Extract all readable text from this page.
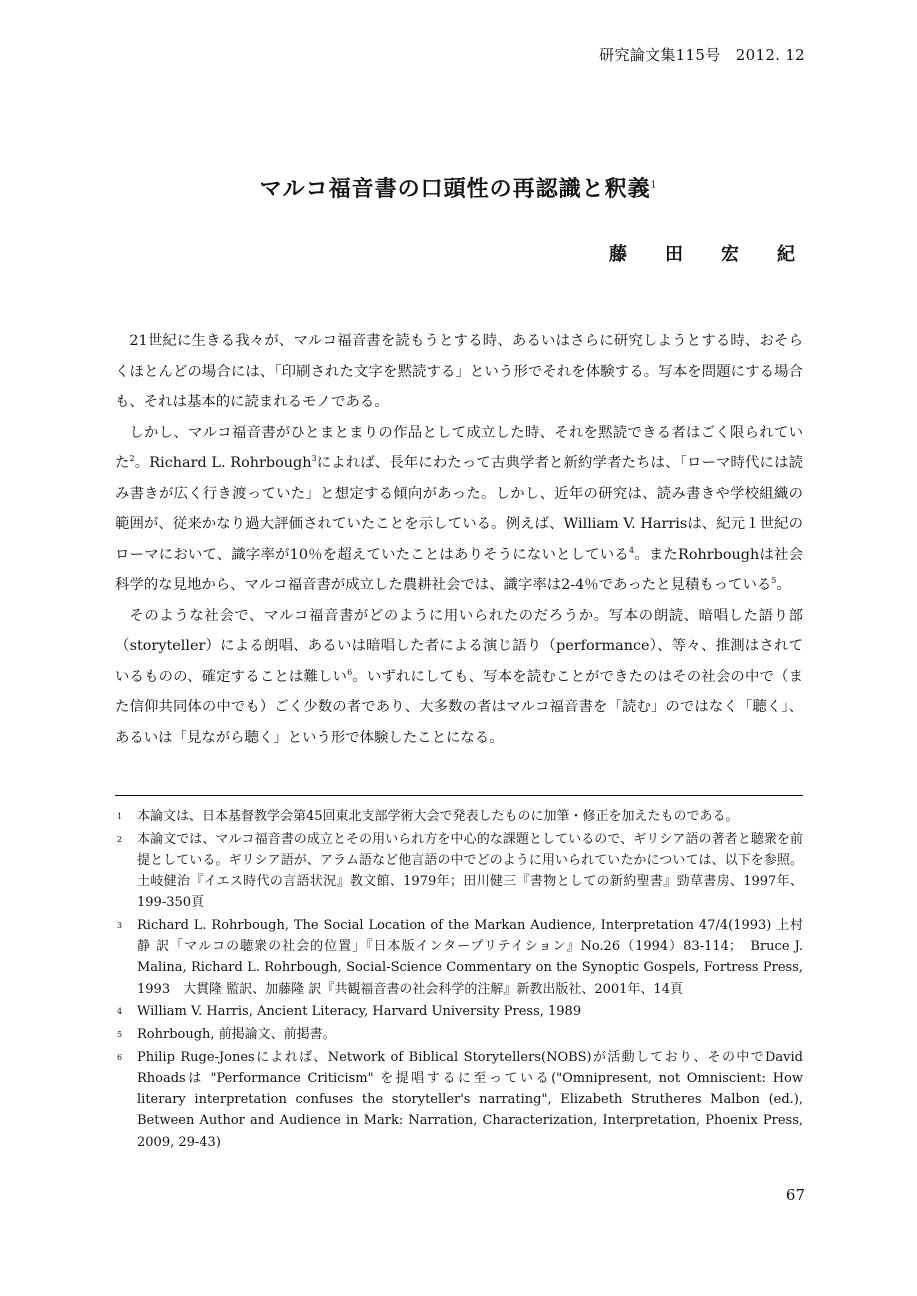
研究論文集115号　2012. 12
マルコ福音書の口頭性の再認識と釈義$^1$
藤　田　宏　紀

21世紀に生きる我々が、マルコ福音書を読もうとする時、あるいはさらに研究しようとする時、おそらくほとんどの場合には、「印刷された文字を黙読する」という形でそれを体験する。写本を問題にする場合も、それは基本的に読まれるモノである。

しかし、マルコ福音書がひとまとまりの作品として成立した時、それを黙読できる者はごく限られていた$^2$。Richard L. Rohrbough$^3$によれば、長年にわたって古典学者と新約学者たちは、「ローマ時代には読み書きが広く行き渡っていた」と想定する傾向があった。しかし、近年の研究は、読み書きや学校組織の範囲が、従来かなり過大評価されていたことを示している。例えば、William V. Harrisは、紀元１世紀のローマにおいて、識字率が10％を超えていたことはありそうにないとしている$^4$。またRohrboughは社会科学的な見地から、マルコ福音書が成立した農耕社会では、識字率は2-4％であったと見積もっている$^5$。

そのような社会で、マルコ福音書がどのように用いられたのだろうか。写本の朗読、暗唱した語り部（storyteller）による朗唱、あるいは暗唱した者による演じ語り（performance）、等々、推測はされているものの、確定することは難しい$^6$。いずれにしても、写本を読むことができたのはその社会の中で（また信仰共同体の中でも）ごく少数の者であり、大多数の者はマルコ福音書を「読む」のではなく「聴く」、あるいは「見ながら聴く」という形で体験したことになる。

1	本論文は、日本基督教学会第45回東北支部学術大会で発表したものに加筆・修正を加えたものである。
2	本論文では、マルコ福音書の成立とその用いられ方を中心的な課題としているので、ギリシア語の著者と聴衆を前提としている。ギリシア語が、アラム語など他言語の中でどのように用いられていたかについては、以下を参照。土岐健治『イエス時代の言語状況』教文館、1979年；田川健三『書物としての新約聖書』勁草書房、1997年、199-350頁
3	Richard L. Rohrbough, The Social Location of the Markan Audience, Interpretation 47/4(1993) 上村静 訳「マルコの聴衆の社会的位置」『日本版インタープリテイション』No.26（1994）83-114；　Bruce J. Malina, Richard L. Rohrbough, Social-Science Commentary on the Synoptic Gospels, Fortress Press, 1993　大貫隆 監訳、加藤隆 訳『共観福音書の社会科学的注解』新教出版社、2001年、14頁
4	William V. Harris, Ancient Literacy, Harvard University Press, 1989
5	Rohrbough, 前掲論文、前掲書。
6	Philip Ruge-Jonesによれば、Network of Biblical Storytellers(NOBS)が活動しており、その中でDavid Rhoadsは "Performance Criticism" を提唱するに至っている("Omnipresent, not Omniscient: How literary interpretation confuses the storyteller's narrating", Elizabeth Strutheres Malbon (ed.), Between Author and Audience in Mark: Narration, Characterization, Interpretation, Phoenix Press, 2009, 29-43)
67
